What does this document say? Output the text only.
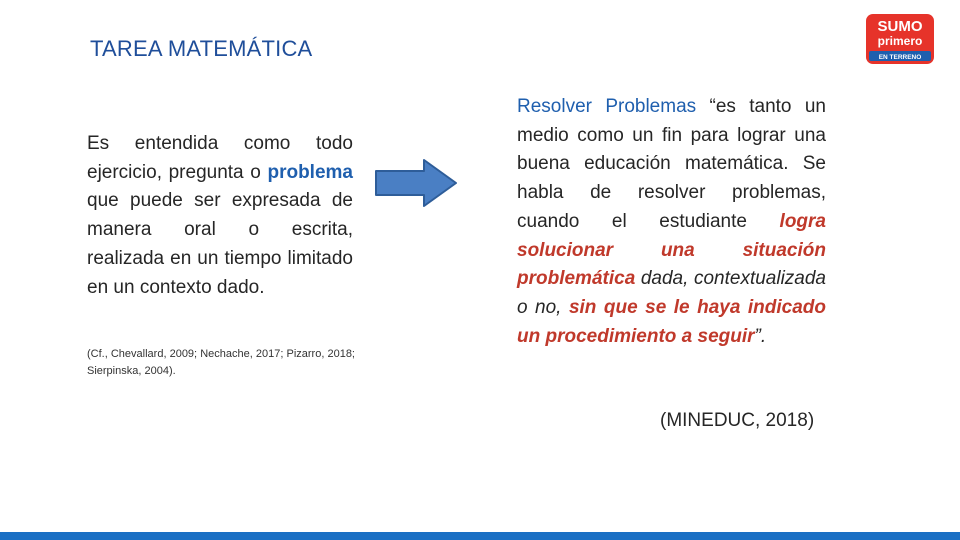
TAREA MATEMÁTICA
SUMO
primero
EN TERRENO
Es entendida como todo ejercicio, pregunta o problema que puede ser expresada de manera oral o escrita, realizada en un tiempo limitado en un contexto dado.
(Cf., Chevallard, 2009; Nechache, 2017; Pizarro, 2018; Sierpinska, 2004).
Resolver Problemas “es tanto un medio como un fin para lograr una buena educación matemática. Se habla de resolver problemas, cuando el estudiante logra solucionar una situación problemática dada, contextualizada o no, sin que se le haya indicado un procedimiento a seguir”.
(MINEDUC, 2018)
